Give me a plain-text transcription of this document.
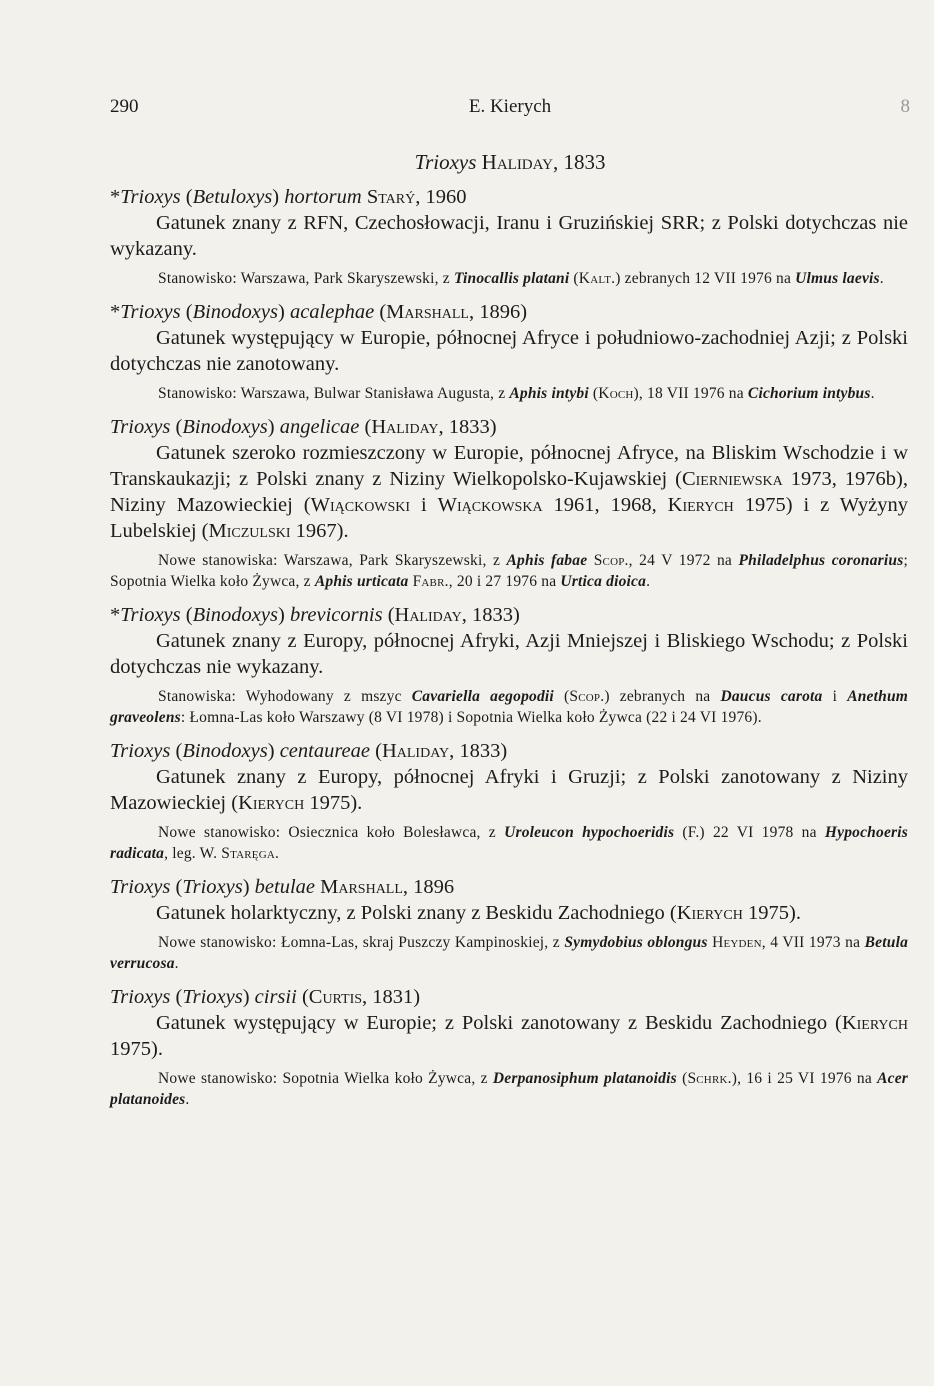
290	E. Kierych	8
Trioxys Haliday, 1833

*Trioxys (Betuloxys) hortorum Starý, 1960

Gatunek znany z RFN, Czechosłowacji, Iranu i Gruzińskiej SRR; z Polski dotychczas nie wykazany.

Stanowisko: Warszawa, Park Skaryszewski, z Tinocallis platani (Kalt.) zebranych 12 VII 1976 na Ulmus laevis.

*Trioxys (Binodoxys) acalephae (Marshall, 1896)

Gatunek występujący w Europie, północnej Afryce i południowo-zachodniej Azji; z Polski dotychczas nie zanotowany.

Stanowisko: Warszawa, Bulwar Stanisława Augusta, z Aphis intybi (Koch), 18 VII 1976 na Cichorium intybus.

Trioxys (Binodoxys) angelicae (Haliday, 1833)

Gatunek szeroko rozmieszczony w Europie, północnej Afryce, na Bliskim Wschodzie i w Transkaukazji; z Polski znany z Niziny Wielkopolsko-Kujawskiej (Cierniewska 1973, 1976b), Niziny Mazowieckiej (Wiąckowski i Wiąckowska 1961, 1968, Kierych 1975) i z Wyżyny Lubelskiej (Miczulski 1967).

Nowe stanowiska: Warszawa, Park Skaryszewski, z Aphis fabae Scop., 24 V 1972 na Philadelphus coronarius; Sopotnia Wielka koło Żywca, z Aphis urticata Fabr., 20 i 27 1976 na Urtica dioica.

*Trioxys (Binodoxys) brevicornis (Haliday, 1833)

Gatunek znany z Europy, północnej Afryki, Azji Mniejszej i Bliskiego Wschodu; z Polski dotychczas nie wykazany.

Stanowiska: Wyhodowany z mszyc Cavariella aegopodii (Scop.) zebranych na Daucus carota i Anethum graveolens: Łomna-Las koło Warszawy (8 VI 1978) i Sopotnia Wielka koło Żywca (22 i 24 VI 1976).

Trioxys (Binodoxys) centaureae (Haliday, 1833)

Gatunek znany z Europy, północnej Afryki i Gruzji; z Polski zanotowany z Niziny Mazowieckiej (Kierych 1975).

Nowe stanowisko: Osiecznica koło Bolesławca, z Uroleucon hypochoeridis (F.) 22 VI 1978 na Hypochoeris radicata, leg. W. Staręga.

Trioxys (Trioxys) betulae Marshall, 1896

Gatunek holarktyczny, z Polski znany z Beskidu Zachodniego (Kierych 1975).

Nowe stanowisko: Łomna-Las, skraj Puszczy Kampinoskiej, z Symydobius oblongus Heyden, 4 VII 1973 na Betula verrucosa.

Trioxys (Trioxys) cirsii (Curtis, 1831)

Gatunek występujący w Europie; z Polski zanotowany z Beskidu Zachodniego (Kierych 1975).

Nowe stanowisko: Sopotnia Wielka koło Żywca, z Derpanosiphum platanoidis (Schrk.), 16 i 25 VI 1976 na Acer platanoides.
